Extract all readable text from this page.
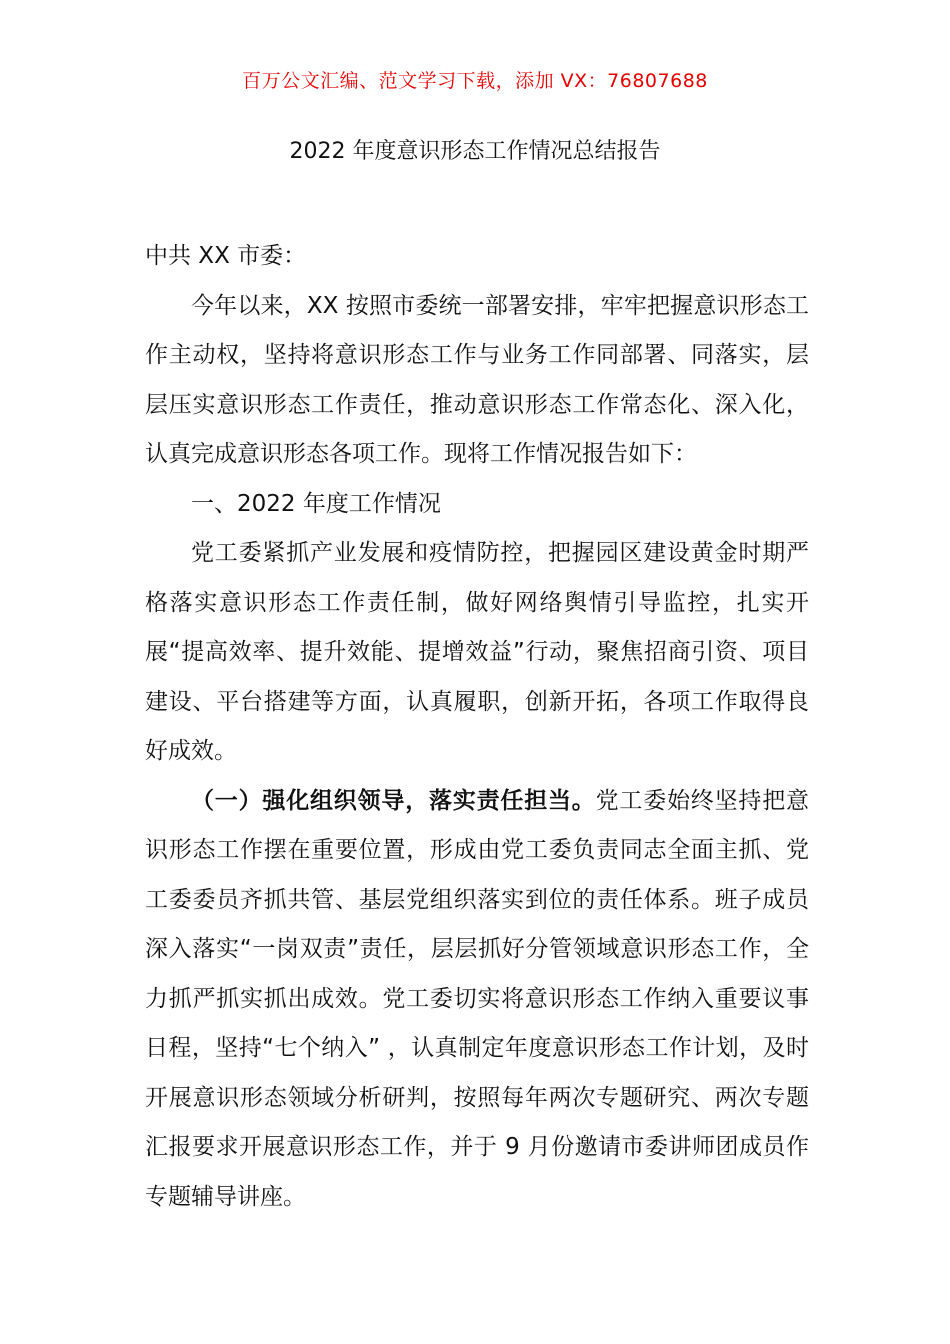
百万公文汇编、范文学习下载，添加 VX：76807688
2022 年度意识形态工作情况总结报告

中共 XX 市委：

今年以来，XX 按照市委统一部署安排，牢牢把握意识形态工作主动权，坚持将意识形态工作与业务工作同部署、同落实，层层压实意识形态工作责任，推动意识形态工作常态化、深入化，认真完成意识形态各项工作。现将工作情况报告如下：

一、2022 年度工作情况

党工委紧抓产业发展和疫情防控，把握园区建设黄金时期严格落实意识形态工作责任制，做好网络舆情引导监控，扎实开展“提高效率、提升效能、提增效益”行动，聚焦招商引资、项目建设、平台搭建等方面，认真履职，创新开拓，各项工作取得良好成效。

（一）强化组织领导，落实责任担当。党工委始终坚持把意识形态工作摆在重要位置，形成由党工委负责同志全面主抓、党工委委员齐抓共管、基层党组织落实到位的责任体系。班子成员深入落实“一岗双责”责任，层层抓好分管领域意识形态工作，全力抓严抓实抓出成效。党工委切实将意识形态工作纳入重要议事日程，坚持“七个纳入” ，认真制定年度意识形态工作计划，及时开展意识形态领域分析研判，按照每年两次专题研究、两次专题汇报要求开展意识形态工作，并于 9 月份邀请市委讲师团成员作专题辅导讲座。
